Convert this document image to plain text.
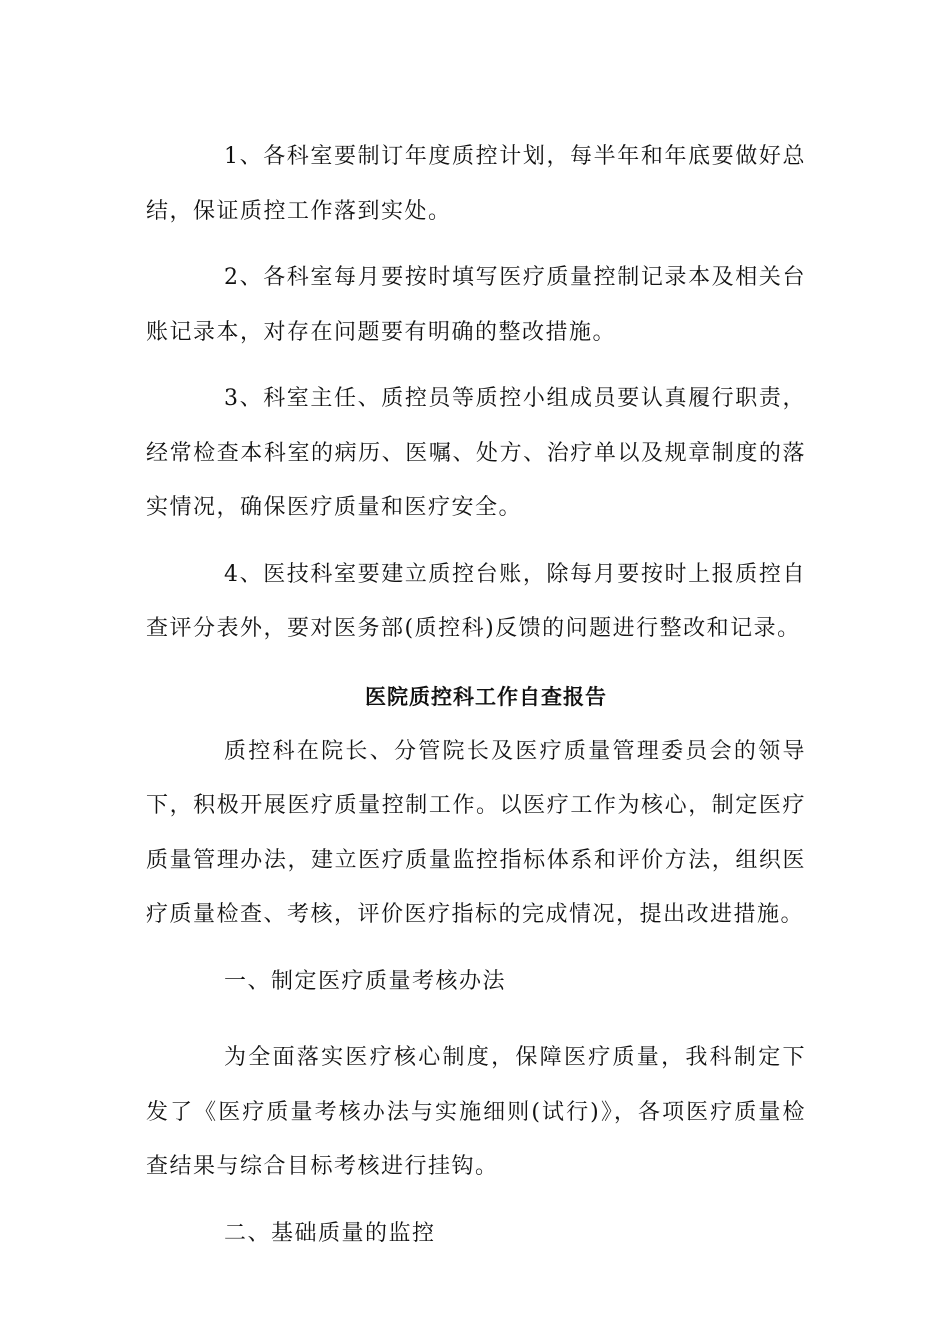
1、各科室要制订年度质控计划，每半年和年底要做好总结，保证质控工作落到实处。

2、各科室每月要按时填写医疗质量控制记录本及相关台账记录本，对存在问题要有明确的整改措施。

3、科室主任、质控员等质控小组成员要认真履行职责，经常检查本科室的病历、医嘱、处方、治疗单以及规章制度的落实情况，确保医疗质量和医疗安全。

4、医技科室要建立质控台账，除每月要按时上报质控自查评分表外，要对医务部(质控科)反馈的问题进行整改和记录。

医院质控科工作自查报告

质控科在院长、分管院长及医疗质量管理委员会的领导下，积极开展医疗质量控制工作。以医疗工作为核心，制定医疗质量管理办法，建立医疗质量监控指标体系和评价方法，组织医疗质量检查、考核，评价医疗指标的完成情况，提出改进措施。

一、制定医疗质量考核办法

为全面落实医疗核心制度，保障医疗质量，我科制定下发了《医疗质量考核办法与实施细则(试行)》，各项医疗质量检查结果与综合目标考核进行挂钩。

二、基础质量的监控
